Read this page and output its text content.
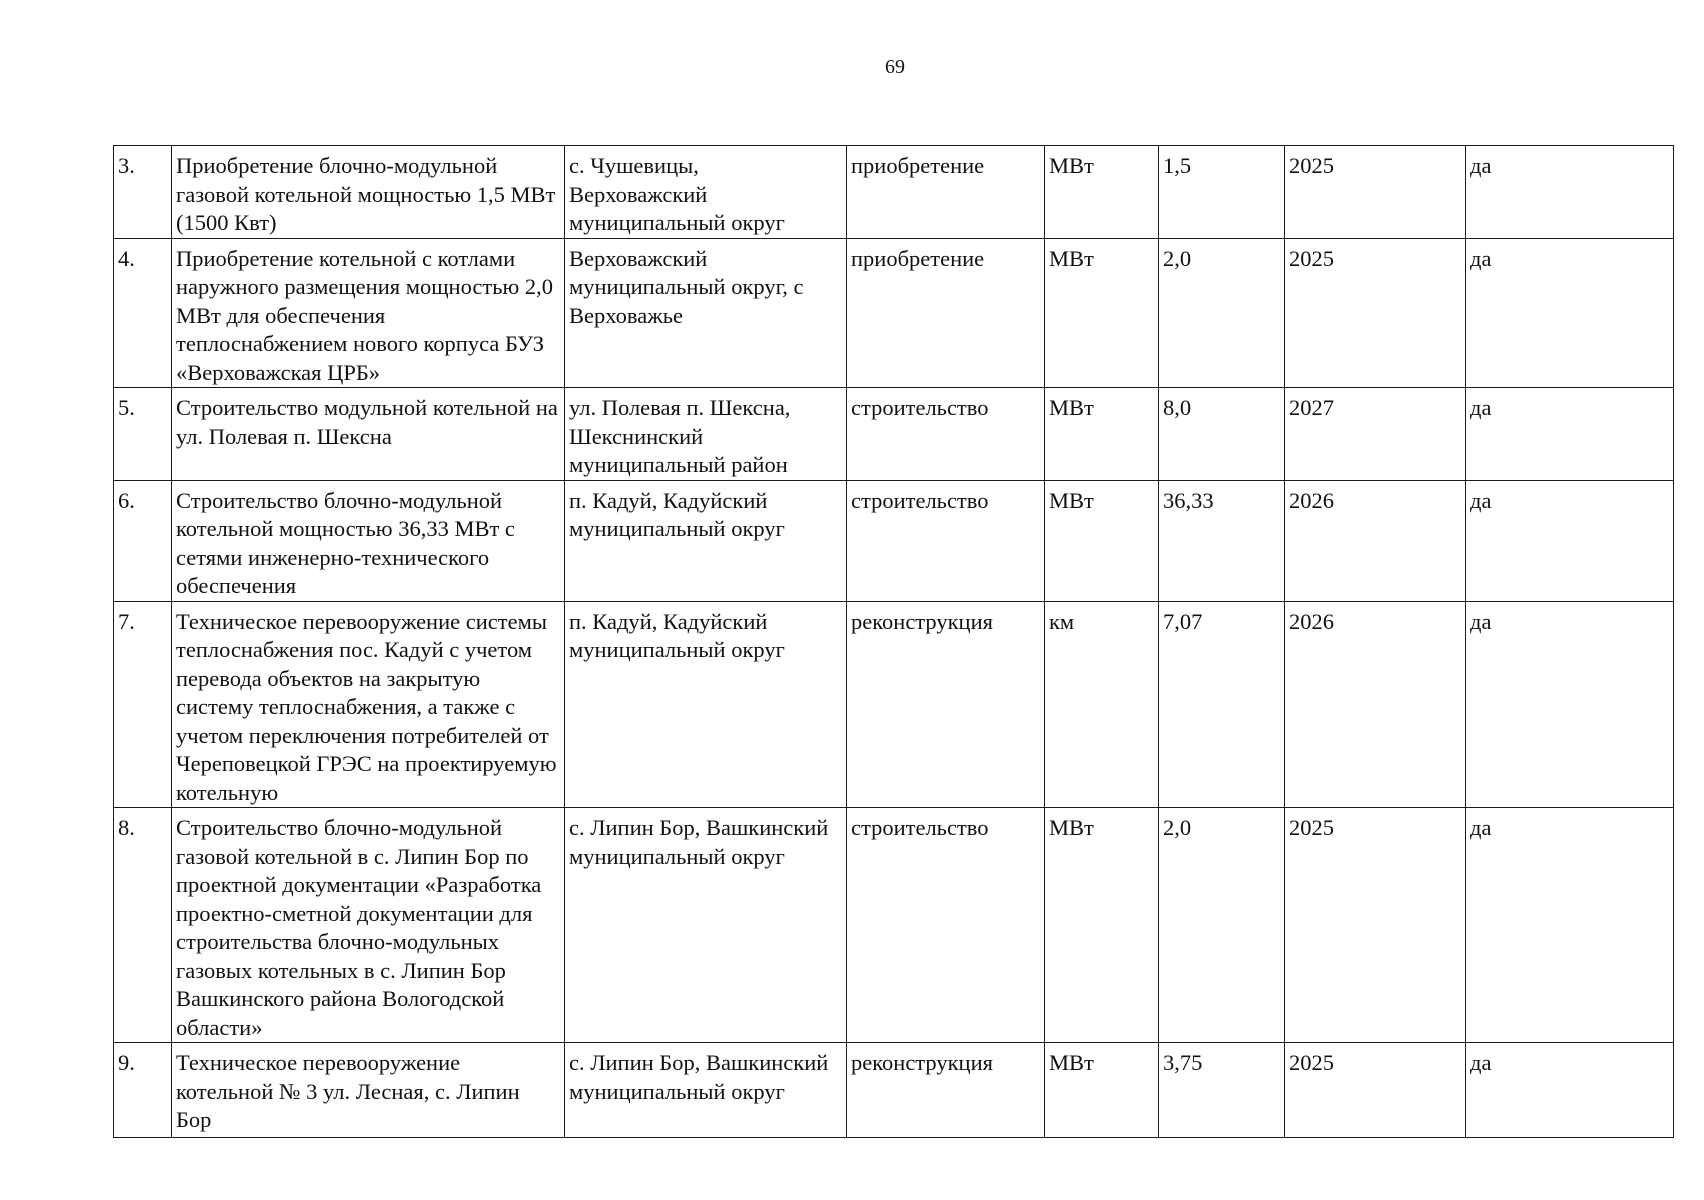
69
3.	Приобретение блочно-модульной газовой котельной мощностью 1,5 МВт (1500 Квт)	с. Чушевицы, Верховажский муниципальный округ	приобретение	МВт	1,5	2025	да
4.	Приобретение котельной с котлами наружного размещения мощностью 2,0 МВт для обеспечения теплоснабжением нового корпуса БУЗ «Верховажская ЦРБ»	Верховажский муниципальный округ, с Верховажье	приобретение	МВт	2,0	2025	да
5.	Строительство модульной котельной на ул. Полевая п. Шексна	ул. Полевая п. Шексна, Шекснинский муниципальный район	строительство	МВт	8,0	2027	да
6.	Строительство блочно-модульной котельной мощностью 36,33 МВт с сетями инженерно-технического обеспечения	п. Кадуй, Кадуйский муниципальный округ	строительство	МВт	36,33	2026	да
7.	Техническое перевооружение системы теплоснабжения пос. Кадуй с учетом перевода объектов на закрытую систему теплоснабжения, а также с учетом переключения потребителей от Череповецкой ГРЭС на проектируемую котельную	п. Кадуй, Кадуйский муниципальный округ	реконструкция	км	7,07	2026	да
8.	Строительство блочно-модульной газовой котельной в с. Липин Бор по проектной документации «Разработка проектно-сметной документации для строительства блочно-модульных газовых котельных в с. Липин Бор Вашкинского района Вологодской области»	с. Липин Бор, Вашкинский муниципальный округ	строительство	МВт	2,0	2025	да
9.	Техническое перевооружение котельной № 3 ул. Лесная, с. Липин Бор	с. Липин Бор, Вашкинский муниципальный округ	реконструкция	МВт	3,75	2025	да
